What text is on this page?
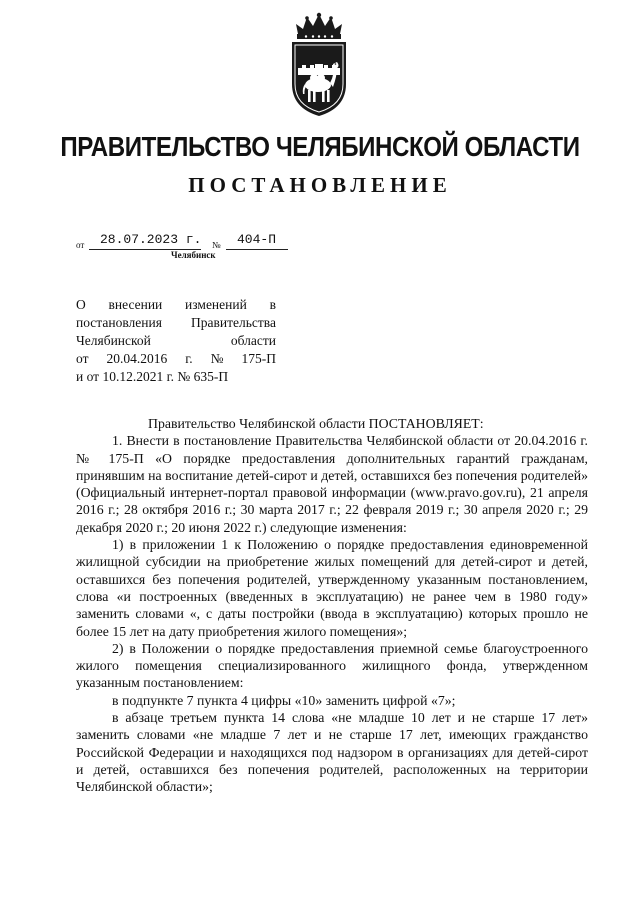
ПРАВИТЕЛЬСТВО ЧЕЛЯБИНСКОЙ ОБЛАСТИ
ПОСТАНОВЛЕНИЕ
от 28.07.2023 г. № 404-П
Челябинск
О внесении изменений в
постановления Правительства
Челябинской	области
от 20.04.2016 г. № 175-П
и от 10.12.2021 г. № 635-П

Правительство Челябинской области ПОСТАНОВЛЯЕТ:

1. Внести в постановление Правительства Челябинской области от 20.04.2016 г. № 175-П «О порядке предоставления дополнительных гарантий гражданам, принявшим на воспитание детей-сирот и детей, оставшихся без попечения родителей» (Официальный интернет-портал правовой информации (www.pravo.gov.ru), 21 апреля 2016 г.; 28 октября 2016 г.; 30 марта 2017 г.; 22 февраля 2019 г.; 30 апреля 2020 г.; 29 декабря 2020 г.; 20 июня 2022 г.) следующие изменения:

1) в приложении 1 к Положению о порядке предоставления единовременной жилищной субсидии на приобретение жилых помещений для детей-сирот и детей, оставшихся без попечения родителей, утвержденному указанным постановлением, слова «и построенных (введенных в эксплуатацию) не ранее чем в 1980 году» заменить словами «, с даты постройки (ввода в эксплуатацию) которых прошло не более 15 лет на дату приобретения жилого помещения»;

2) в Положении о порядке предоставления приемной семье благоустроенного жилого помещения специализированного жилищного фонда, утвержденном указанным постановлением:

в подпункте 7 пункта 4 цифры «10» заменить цифрой «7»;

в абзаце третьем пункта 14 слова «не младше 10 лет и не старше 17 лет» заменить словами «не младше 7 лет и не старше 17 лет, имеющих гражданство Российской Федерации и находящихся под надзором в организациях для детей-сирот и детей, оставшихся без попечения родителей, расположенных на территории Челябинской области»;
